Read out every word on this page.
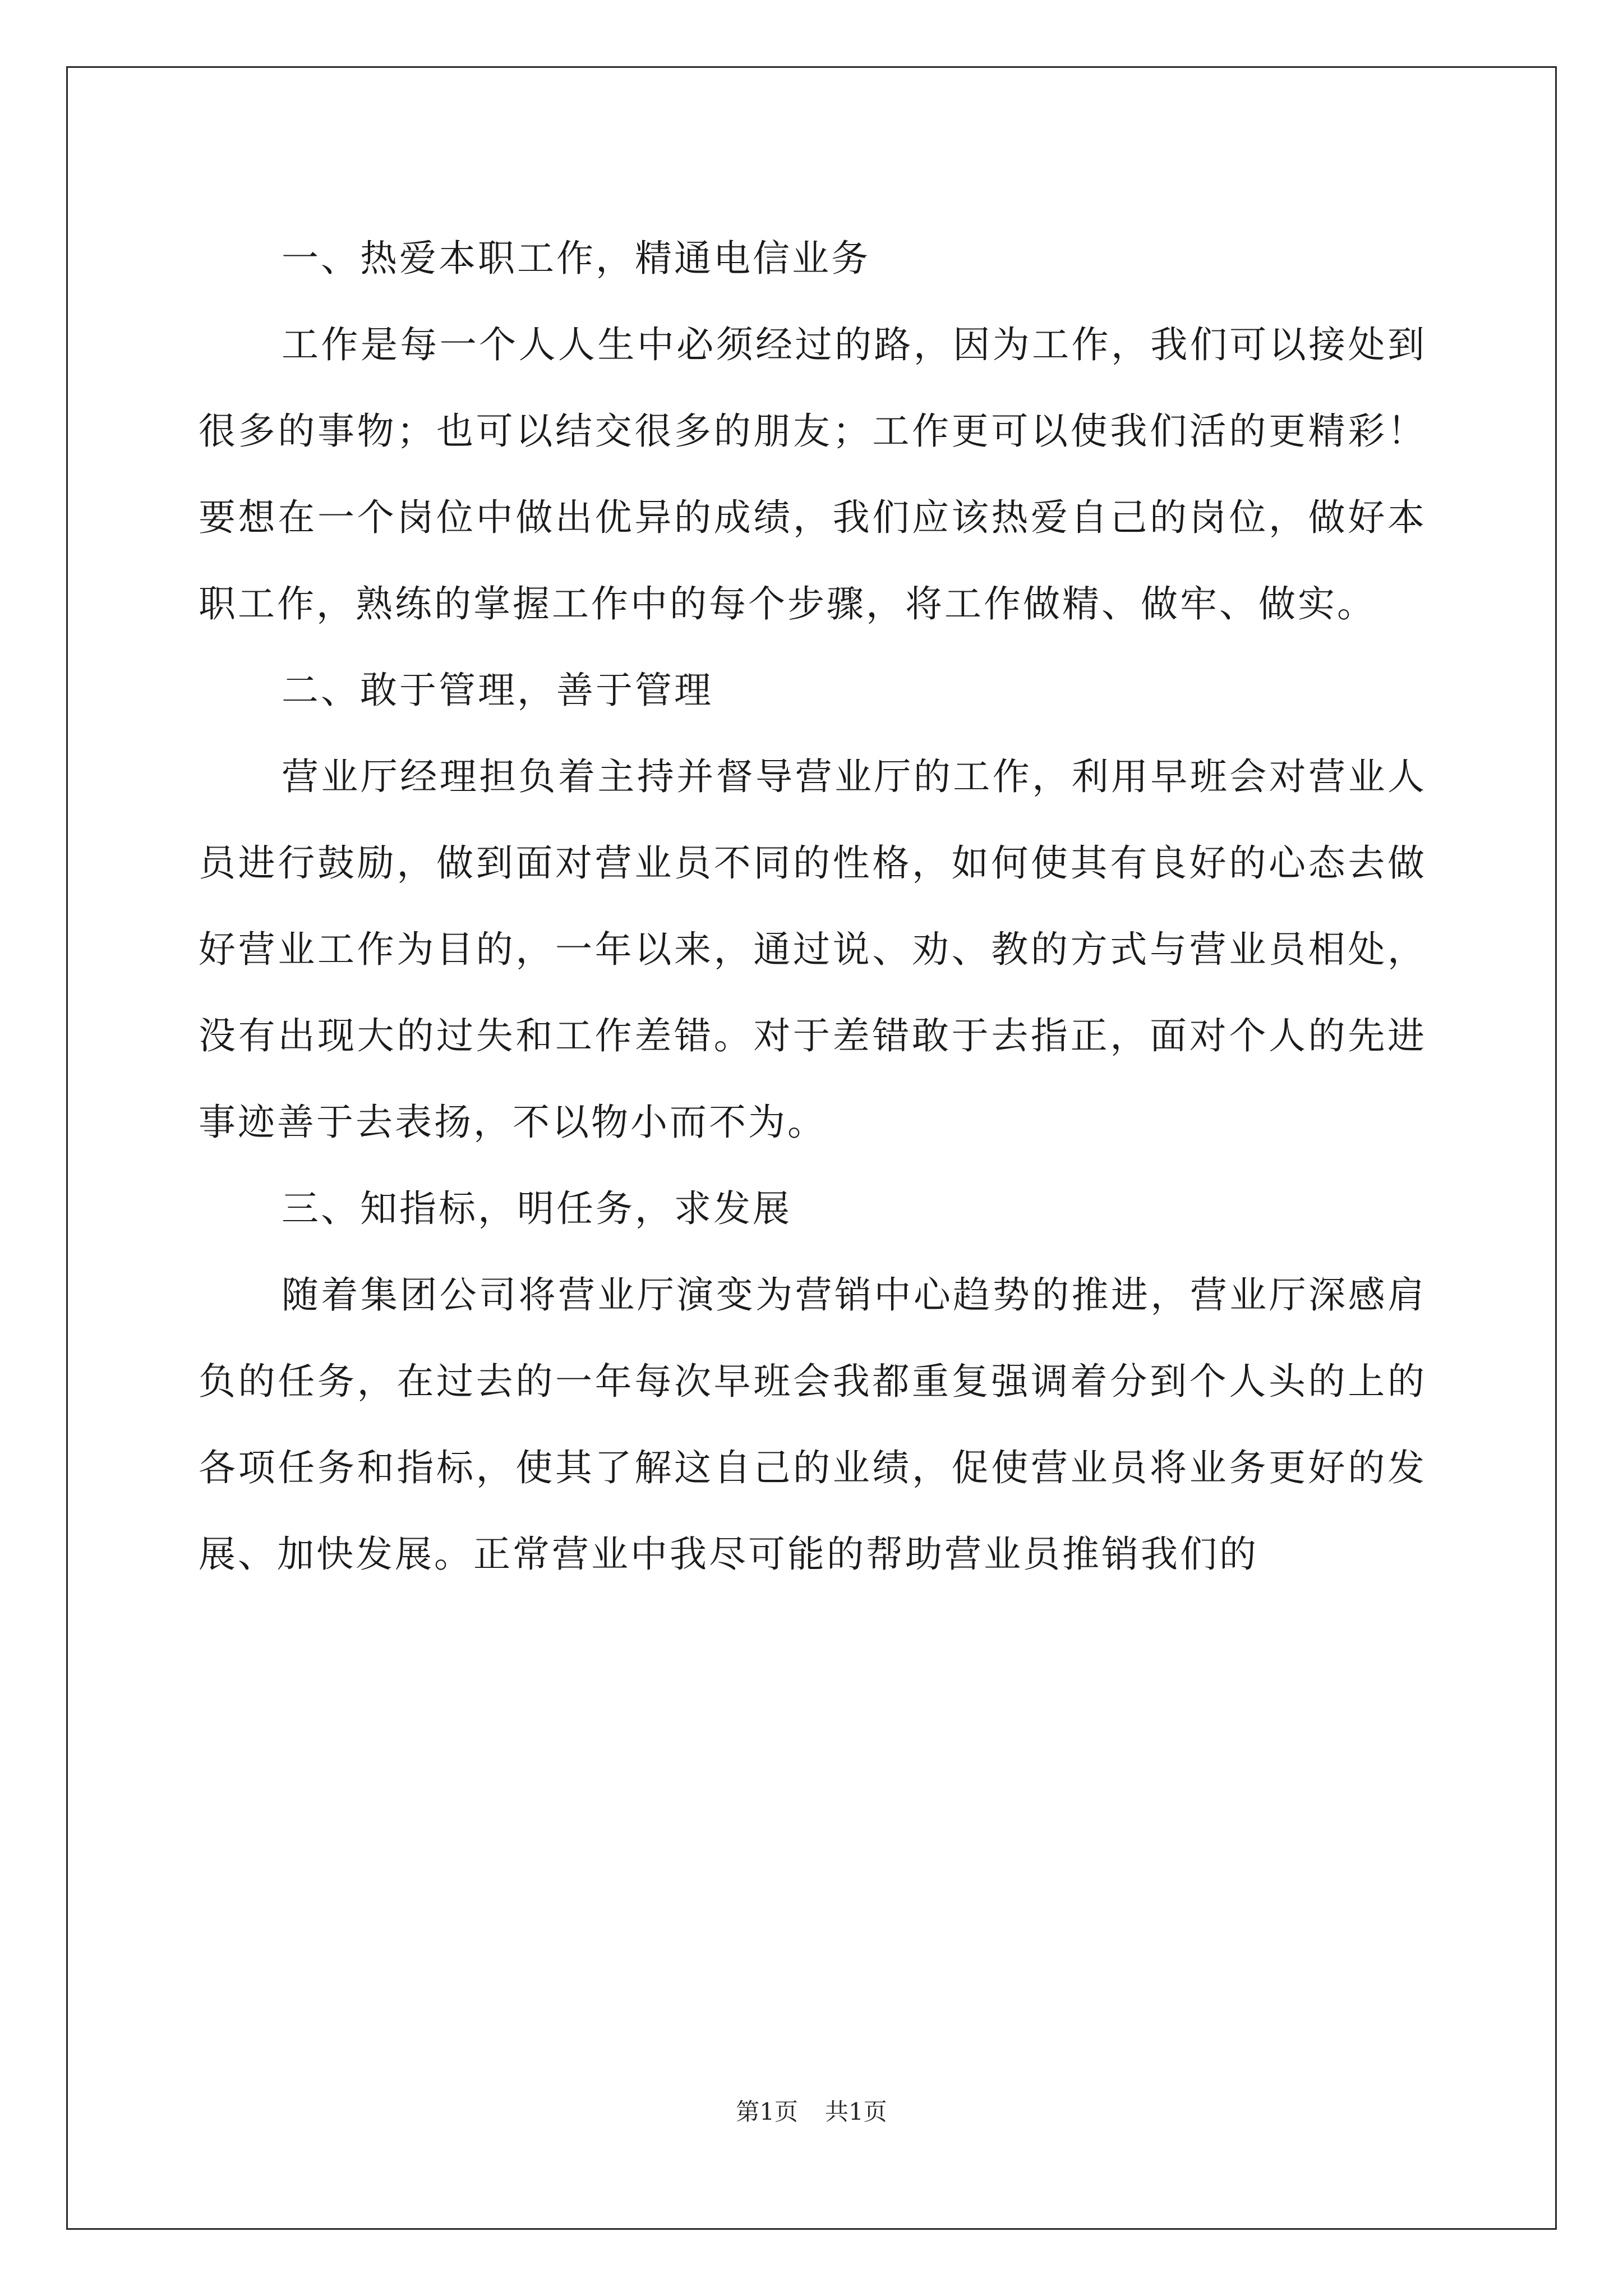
一、热爱本职工作，精通电信业务

工作是每一个人人生中必须经过的路，因为工作，我们可以接处到很多的事物；也可以结交很多的朋友；工作更可以使我们活的更精彩！要想在一个岗位中做出优异的成绩，我们应该热爱自己的岗位，做好本职工作，熟练的掌握工作中的每个步骤，将工作做精、做牢、做实。

二、敢于管理，善于管理

营业厅经理担负着主持并督导营业厅的工作，利用早班会对营业人员进行鼓励，做到面对营业员不同的性格，如何使其有良好的心态去做好营业工作为目的，一年以来，通过说、劝、教的方式与营业员相处，没有出现大的过失和工作差错。对于差错敢于去指正，面对个人的先进事迹善于去表扬，不以物小而不为。

三、知指标，明任务，求发展

随着集团公司将营业厅演变为营销中心趋势的推进，营业厅深感肩负的任务，在过去的一年每次早班会我都重复强调着分到个人头的上的各项任务和指标，使其了解这自己的业绩，促使营业员将业务更好的发展、加快发展。正常营业中我尽可能的帮助营业员推销我们的

第1页 共1页
